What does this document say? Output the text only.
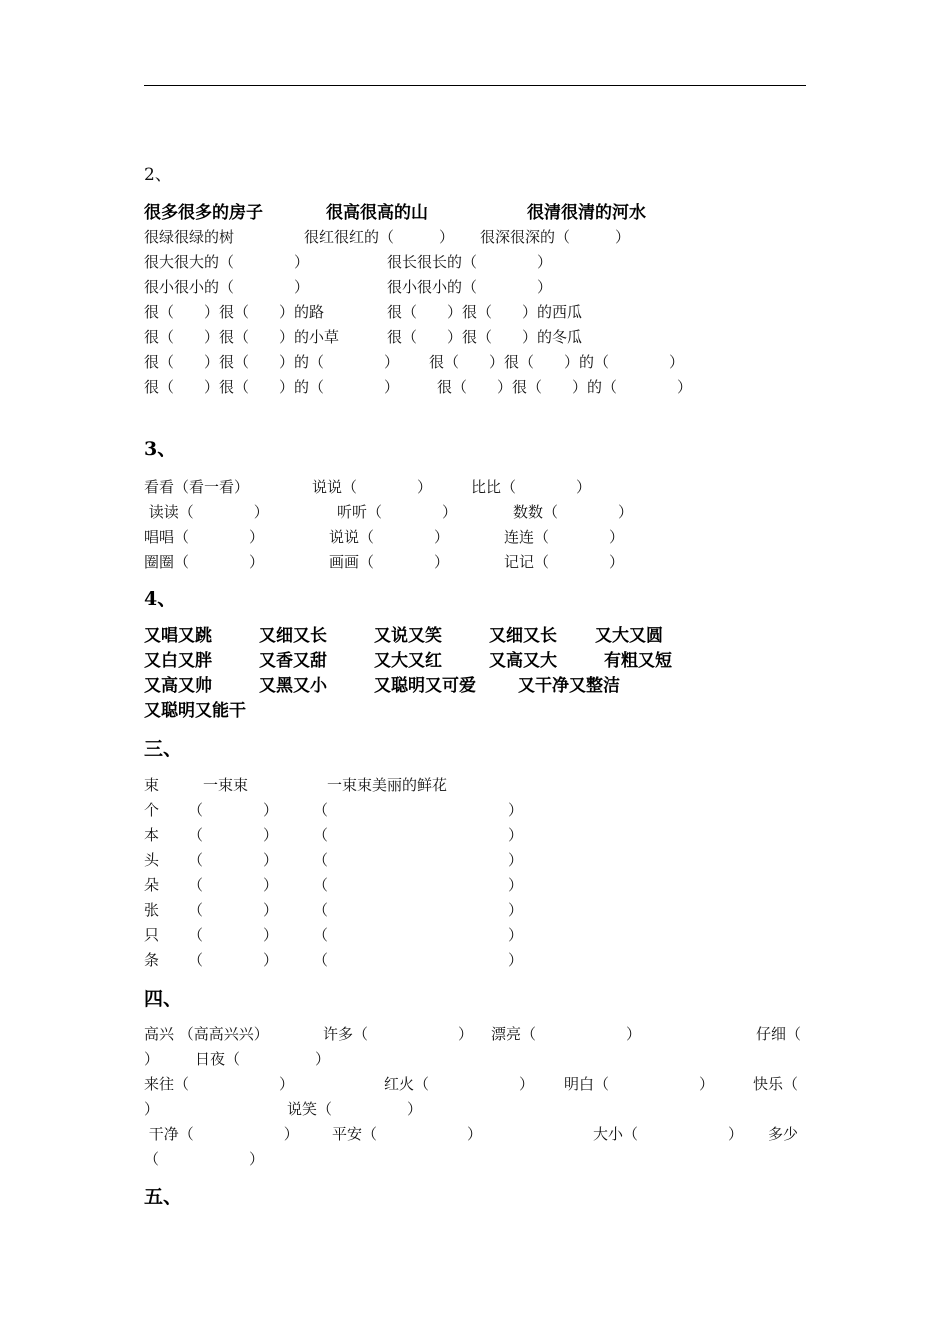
2、
很多很多的房子	很高很高的山	很清很清的河水
很绿很绿的树	很红很红的（　　　） 很深很深的（　　　）
很大很大的（　　　　）	很长很长的（　　　　）
很小很小的（　　　　）	很小很小的（　　　　）
很（　　）很（　　）的路	很（　　）很（　　）的西瓜
很（　　）很（　　）的小草	很（　　）很（　　）的冬瓜
很（　　）很（　　）的（　　　　） 很（　　）很（　　）的（　　　　）
很（　　）很（　　）的（　　　　）	很（　　）很（　　）的（　　　　）
3、
看看（看一看）	说说（　　　　）	比比（　　　　）
读读（　　　　）	听听（　　　　）	数数（　　　　）
唱唱（　　　　）	说说（　　　　）	连连（　　　　）
圈圈（　　　　）	画画（　　　　）	记记（　　　　）
4、
又唱又跳	又细又长	又说又笑	又细又长 又大又圆
又白又胖	又香又甜	又大又红	又高又大	有粗又短
又高又帅	又黑又小	又聪明又可爱 又干净又整洁
又聪明又能干
三、
束	一束束	一束束美丽的鲜花
个 （　　　　） （　　　　　　　　　　　　）
本 （　　　　） （　　　　　　　　　　　　）
头 （　　　　） （　　　　　　　　　　　　）
朵 （　　　　） （　　　　　　　　　　　　）
张 （　　　　） （　　　　　　　　　　　　）
只 （　　　　） （　　　　　　　　　　　　）
条 （　　　　） （　　　　　　　　　　　　）
四、
高兴 （高高兴兴）	许多（　　　　　　） 漂亮（　　　　　　）	仔细（
） 日夜（　　　　　）
来往（　　　　　　）	红火（　　　　　　） 明白（　　　　　　）	快乐（
）	说笑（　　　　　）
干净（　　　　　　） 平安（　　　　　　）	大小（　　　　　　） 多少
（　　　　　　）
五、
